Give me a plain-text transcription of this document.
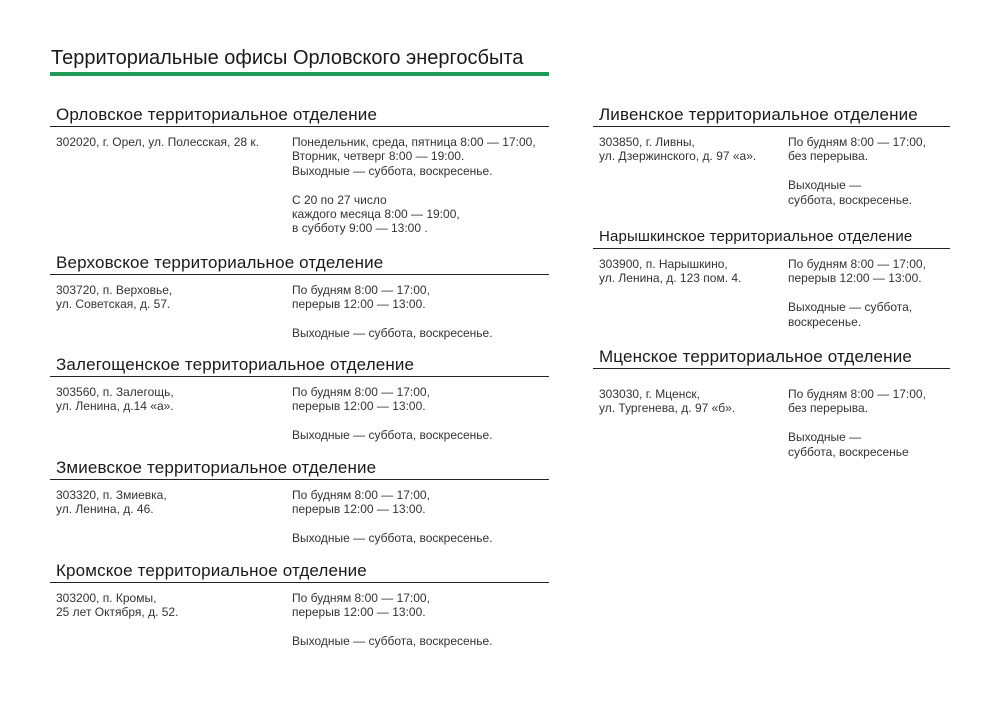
Территориальные офисы Орловского энергосбыта
Орловское территориальное отделение
302020, г. Орел, ул. Полесская, 28 к.	Понедельник, среда, пятница 8:00 — 17:00,
Вторник, четверг 8:00 — 19:00.
Выходные — суббота, воскресенье.
С 20 по 27 число
каждого месяца 8:00 — 19:00,
в субботу 9:00 — 13:00 .
Верховское территориальное отделение
303720, п. Верховье,
ул. Советская, д. 57.
По будням 8:00 — 17:00,
перерыв 12:00 — 13:00.
Выходные — суббота, воскресенье.
Залегощенское территориальное отделение
303560, п. Залегощь,
ул. Ленина, д.14 «а».
По будням 8:00 — 17:00,
перерыв 12:00 — 13:00.
Выходные — суббота, воскресенье.
Змиевское территориальное отделение
303320, п. Змиевка,
ул. Ленина, д. 46.
По будням 8:00 — 17:00,
перерыв 12:00 — 13:00.
Выходные — суббота, воскресенье.
Кромское территориальное отделение
303200, п. Кромы,
25 лет Октября, д. 52.
По будням 8:00 — 17:00,
перерыв 12:00 — 13:00.
Выходные — суббота, воскресенье.
Ливенское территориальное отделение
303850, г. Ливны,
ул. Дзержинского, д. 97 «а».
По будням 8:00 — 17:00,
без перерыва.
Выходные —
суббота, воскресенье.
Нарышкинское территориальное отделение
303900, п. Нарышкино,
ул. Ленина, д. 123 пом. 4.
По будням 8:00 — 17:00,
перерыв 12:00 — 13:00.
Выходные — суббота,
воскресенье.
Мценское территориальное отделение
303030, г. Мценск,
ул. Тургенева, д. 97 «б».
По будням 8:00 — 17:00,
без перерыва.
Выходные —
суббота, воскресенье
